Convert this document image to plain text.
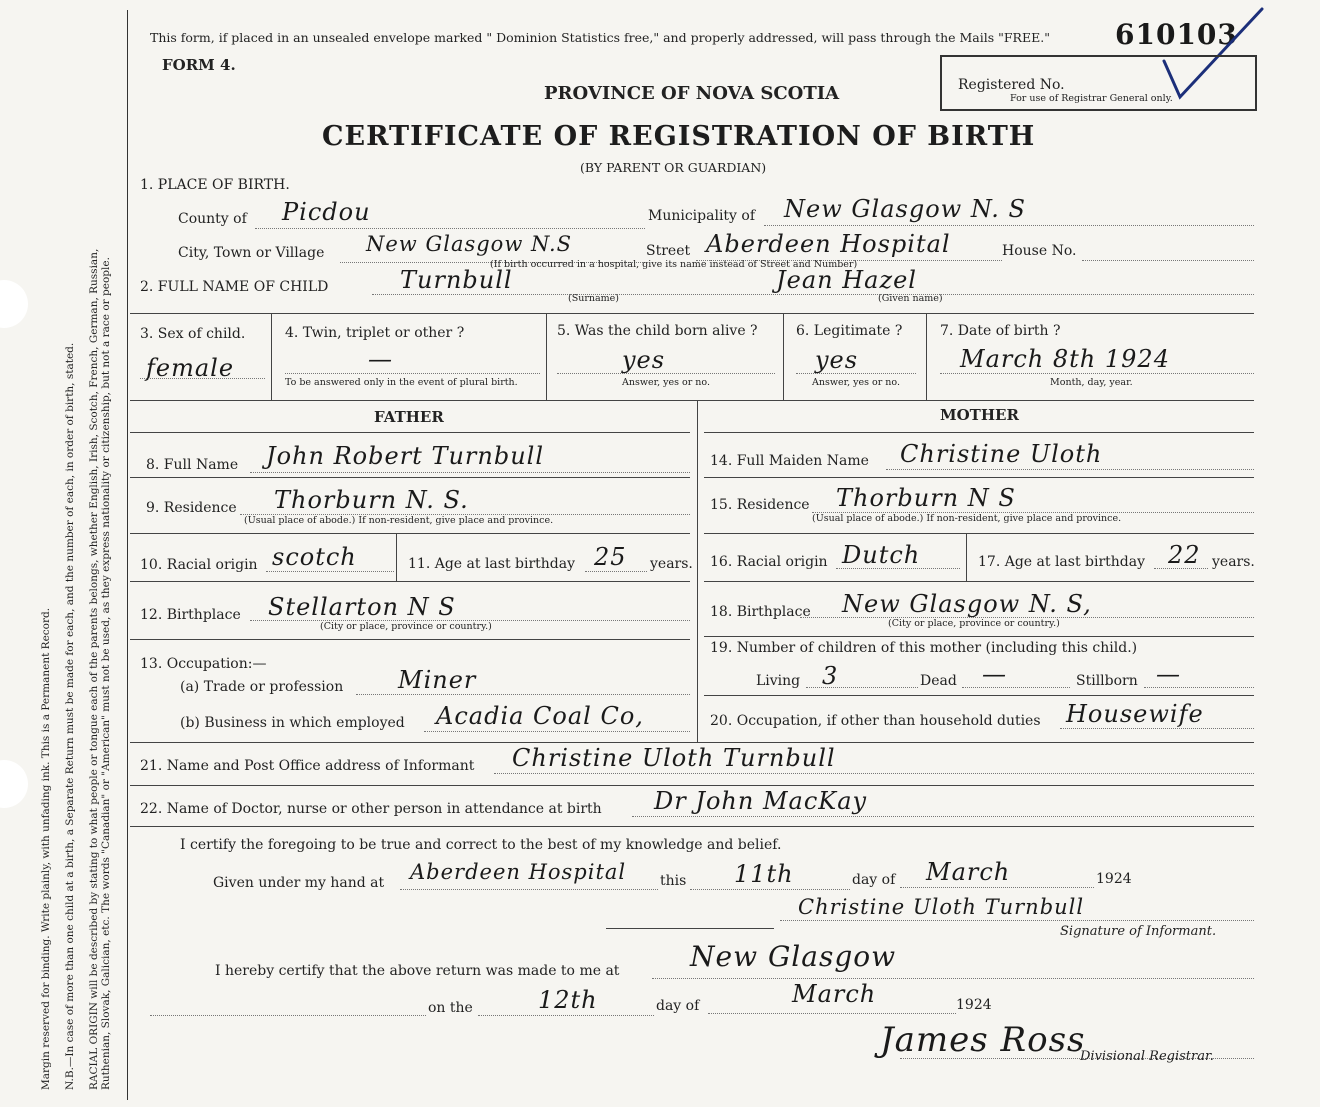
Margin reserved for binding. Write plainly, with unfading ink. This is a Permanent Record. N.B.—In case of more than one child at a birth, a Separate Return must be made for each, and the number of each, in order of birth, stated. RACIAL ORIGIN will be described by stating to what people or tongue each of the parents belongs, whether English, Irish, Scotch, French, German, Russian, Ruthenian, Slovak, Galician, etc. The words "Canadian" or "American" must not be used, as they express nationality or citizenship, but not a race or people.
This form, if placed in an unsealed envelope marked " Dominion Statistics free," and properly addressed, will pass through the Mails "FREE."
FORM 4.
610103
Registered No.
For use of Registrar General only.
PROVINCE OF NOVA SCOTIA
CERTIFICATE OF REGISTRATION OF BIRTH
(BY PARENT OR GUARDIAN)
1. PLACE OF BIRTH.
County of Picdou	Municipality of New Glasgow N. S
City, Town or Village New Glasgow N.S	Street Aberdeen Hospital	House No.
(If birth occurred in a hospital, give its name instead of Street and Number)
2. FULL NAME OF CHILD	Turnbull
(Surname)
Jean Hazel
(Given name)
3. Sex of child.
female
4. Twin, triplet or other ?
—
To be answered only in the event of plural birth.
5. Was the child born alive ?
yes
Answer, yes or no.
6. Legitimate ?
yes
Answer, yes or no.
7. Date of birth ?
March 8th 1924
Month, day, year.
FATHER	MOTHER
8. Full Name John Robert Turnbull
9. Residence Thorburn N. S.
(Usual place of abode.) If non-resident, give place and province.
10. Racial origin scotch	11. Age at last birthday 25 years.
12. Birthplace Stellarton N S
(City or place, province or country.)
13. Occupation:—
(a) Trade or profession Miner
(b) Business in which employed Acadia Coal Co,
14. Full Maiden Name Christine Uloth
15. Residence Thorburn N S
(Usual place of abode.) If non-resident, give place and province.
16. Racial origin Dutch	17. Age at last birthday 22 years.
18. Birthplace New Glasgow N. S,
(City or place, province or country.)
19. Number of children of this mother (including this child.)
Living 3	Dead —	Stillborn —
20. Occupation, if other than household duties Housewife
21. Name and Post Office address of Informant Christine Uloth Turnbull
22. Name of Doctor, nurse or other person in attendance at birth Dr John MacKay
I certify the foregoing to be true and correct to the best of my knowledge and belief.
Given under my hand at Aberdeen Hospital this 11th	day of March	1924
Christine Uloth Turnbull
Signature of Informant.
I hereby certify that the above return was made to me at	New Glasgow
on the	12th	day of	March	1924
James Ross
Divisional Registrar.
